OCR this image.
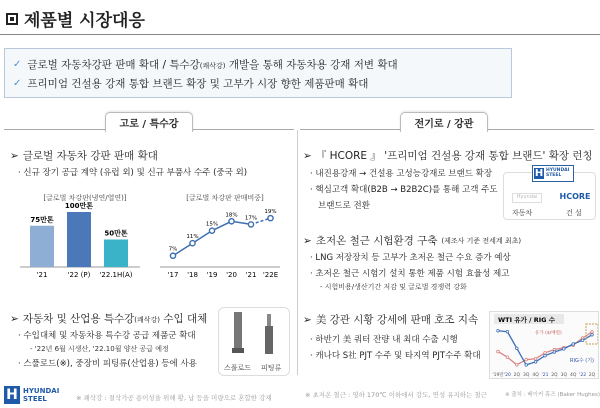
제품별 시장대응
✓ 글로벌 자동차강판 판매 확대 / 특수강(쾌삭강) 개발을 통해 자동차용 강재 저변 확대
✓ 프리미엄 건설용 강재 통합 브랜드 확장 및 고부가 시장 향한 제품판매 확대
고로 / 특수강	전기로 / 강관
➢ 글로벌 자동차 강판 판매 확대
· 신규 장기 공급 계약 (유럽 외) 및 신규 부품사 수주 (중국 외)
[글로벌 차강판(냉연/열연)]	[글로벌 차강판 판매비중]
75만톤
'21
100만톤
'22 (P)
50만톤
'22.1H(A)
7%
'17
11%
'18
15%
'19
18%
'20
17%
'21
19%
'22E
➢ 자동차 및 산업용 특수강(쾌삭강) 수입 대체
· 수입대체 및 자동차용 특수강 공급 제품군 확대
- '22년 6월 시생산, '22.10월 양산 공급 예정
· 스풀로드(※), 중장비 피팅류(산업용) 등에 사용	스풀로드 피팅류
➢ 『 HCORE 』 '프리미엄 건설용 강재 통합 브랜드' 확장 런칭
· 내진용강재 → 건설용 고성능강재로 브랜드 확장
· 핵심고객 확대(B2B → B2B2C)를 통해 고객 주도
브랜드로 전환
H HYUNDAI
STEEL
Hyundai	HCORE
자동차	건 설
➢ 초저온 철근 시험환경 구축 (제조사 기준 전세계 최초)
· LNG 저장장치 등 고부가 초저온 철근 수요 증가 예상
· 초저온 철근 시험기 설치 통한 제품 시험 효율성 제고
- 시험비용/생산기간 저감 및 글로벌 경쟁력 강화
➢ 美 강관 시황 강세에 판매 호조 지속
· 하반기 美 쿼터 잔량 내 최대 수출 시행
· 캐나다 S社 PJT 수주 및 타지역 PJT수주 확대
WTI 유가 / RIG 수
'19말 '20 2Q 3Q 4Q '21 2Q 3Q 4Q '22 2Q
유가 ($/배럴)
RIG수 (기)
H HYUNDAI
STEEL	※ 쾌삭강 : 절삭가공 용이성을 위해 황, 납 등을 미량으로 혼합한 강재	※ 초저온 철근 : 영하 170℃ 이하에서 강도, 연성 유지하는 철근	※ 출처 : 베이커 휴즈 (Baker Hughes)
